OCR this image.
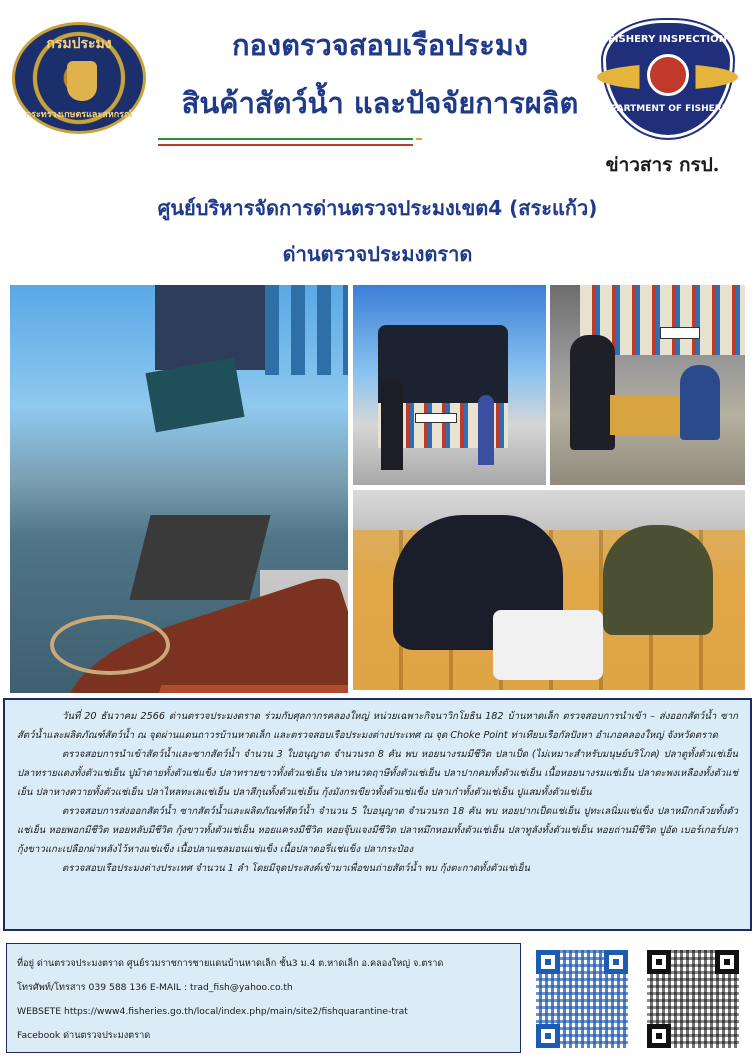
กรมประมง
กระทรวงเกษตรและสหกรณ์
กองตรวจสอบเรือประมง
สินค้าสัตว์น้ำ และปัจจัยการผลิต
FISHERY INSPECTION
DEPARTMENT OF FISHERIES
ข่าวสาร กรป.
ศูนย์บริหารจัดการด่านตรวจประมงเขต4 (สระแก้ว)
ด่านตรวจประมงตราด

วันที่ 20 ธันวาคม 2566 ด่านตรวจประมงตราด ร่วมกับศุลกากรคลองใหญ่ หน่วยเฉพาะกิจนาวิกโยธิน 182 บ้านหาดเล็ก ตรวจสอบการนำเข้า – ส่งออกสัตว์น้ำ ซากสัตว์น้ำและผลิตภัณฑ์สัตว์น้ำ ณ จุดผ่านแดนถาวรบ้านหาดเล็ก และตรวจสอบเรือประมงต่างประเทศ ณ จุด Choke Point ท่าเทียบเรือกัลปังหา อำเภอคลองใหญ่ จังหวัดตราด

ตรวจสอบการนำเข้าสัตว์น้ำและซากสัตว์น้ำ จำนวน 3 ใบอนุญาต จำนวนรถ 8 คัน พบ หอยนางรมมีชีวิต ปลาเป็ด (ไม่เหมาะสำหรับมนุษย์บริโภค) ปลาตูทั้งตัวแช่เย็น ปลาทรายแดงทั้งตัวแช่เย็น ปูม้าตายทั้งตัวแช่แข็ง ปลาทรายขาวทั้งตัวแช่เย็น ปลาหนวดฤาษีทั้งตัวแช่เย็น ปลาปากคมทั้งตัวแช่เย็น เนื้อหอยนางรมแช่เย็น ปลาตะพงเหลืองทั้งตัวแช่เย็น ปลาหางควายทั้งตัวแช่เย็น ปลาไหลทะเลแช่เย็น ปลาสีกุนทั้งตัวแช่เย็น กุ้งมังกรเขียวทั้งตัวแช่แข็ง ปลาเก๋าทั้งตัวแช่เย็น ปูแสมทั้งตัวแช่เย็น

ตรวจสอบการส่งออกสัตว์น้ำ ซากสัตว์น้ำและผลิตภัณฑ์สัตว์น้ำ จำนวน 5 ใบอนุญาต จำนวนรถ 18 คัน พบ หอยปากเป็ดแช่เย็น ปูทะเลนิ่มแช่แข็ง ปลาหมึกกล้วยทั้งตัวแช่เย็น หอยพอกมีชีวิต หอยหลับมีชีวิต กุ้งขาวทั้งตัวแช่เย็น หอยแครงมีชีวิต หอยจุ๊บแจงมีชีวิต ปลาหมึกหอมทั้งตัวแช่เย็น ปลาทูลังทั้งตัวแช่เย็น หอยถ่านมีชีวิต ปูอัด เบอร์เกอร์ปลา กุ้งขาวแกะเปลือกผ่าหลังไว้หางแช่แข็ง เนื้อปลาแซลมอนแช่แข็ง เนื้อปลาดอรี่แช่แข็ง ปลากระป๋อง

ตรวจสอบเรือประมงต่างประเทศ จำนวน 1 ลำ โดยมีจุดประสงค์เข้ามาเพื่อขนถ่ายสัตว์น้ำ พบ กุ้งตะกาดทั้งตัวแช่เย็น

ที่อยู่ ด่านตรวจประมงตราด ศูนย์รวมราชการชายแดนบ้านหาดเล็ก ชั้น3 ม.4 ต.หาดเล็ก อ.คลองใหญ่ จ.ตราด
โทรศัพท์/โทรสาร 039 588 136 E-MAIL : trad_fish@yahoo.co.th
WEBSETE https://www4.fisheries.go.th/local/index.php/main/site2/fishquarantine-trat
Facebook ด่านตรวจประมงตราด
